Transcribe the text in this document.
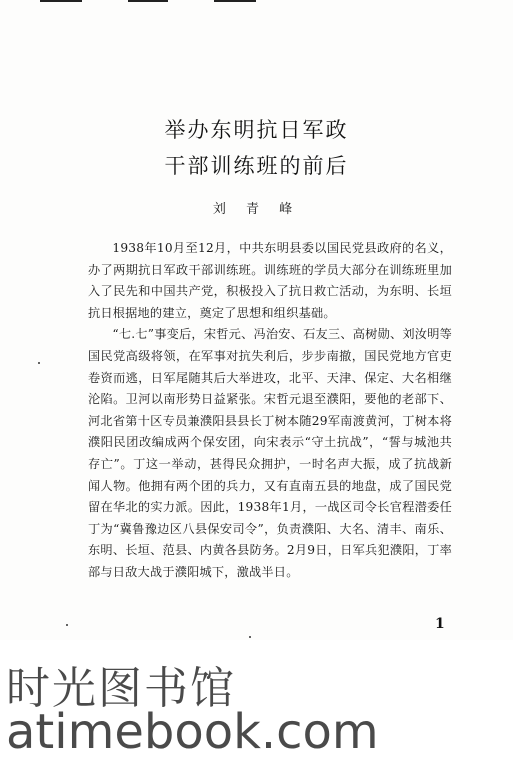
举办东明抗日军政
干部训练班的前后
刘 青 峰

1938年10月至12月，中共东明县委以国民党县政府的名义，办了两期抗日军政干部训练班。训练班的学员大部分在训练班里加入了民先和中国共产党，积极投入了抗日救亡活动，为东明、长垣抗日根据地的建立，奠定了思想和组织基础。

“七.七”事变后，宋哲元、冯治安、石友三、高树勋、刘汝明等国民党高级将领，在军事对抗失利后，步步南撤，国民党地方官吏卷资而逃，日军尾随其后大举进攻，北平、天津、保定、大名相继沦陷。卫河以南形势日益紧张。宋哲元退至濮阳，要他的老部下、河北省第十区专员兼濮阳县县长丁树本随29军南渡黄河，丁树本将濮阳民团改编成两个保安团，向宋表示“守土抗战”，“誓与城池共存亡”。丁这一举动，甚得民众拥护，一时名声大振，成了抗战新闻人物。他拥有两个团的兵力，又有直南五县的地盘，成了国民党留在华北的实力派。因此，1938年1月，一战区司令长官程潜委任丁为“冀鲁豫边区八县保安司令”，负责濮阳、大名、清丰、南乐、东明、长垣、范县、内黄各县防务。2月9日，日军兵犯濮阳，丁率部与日敌大战于濮阳城下，激战半日。

1
时光图书馆
atimebook.com
